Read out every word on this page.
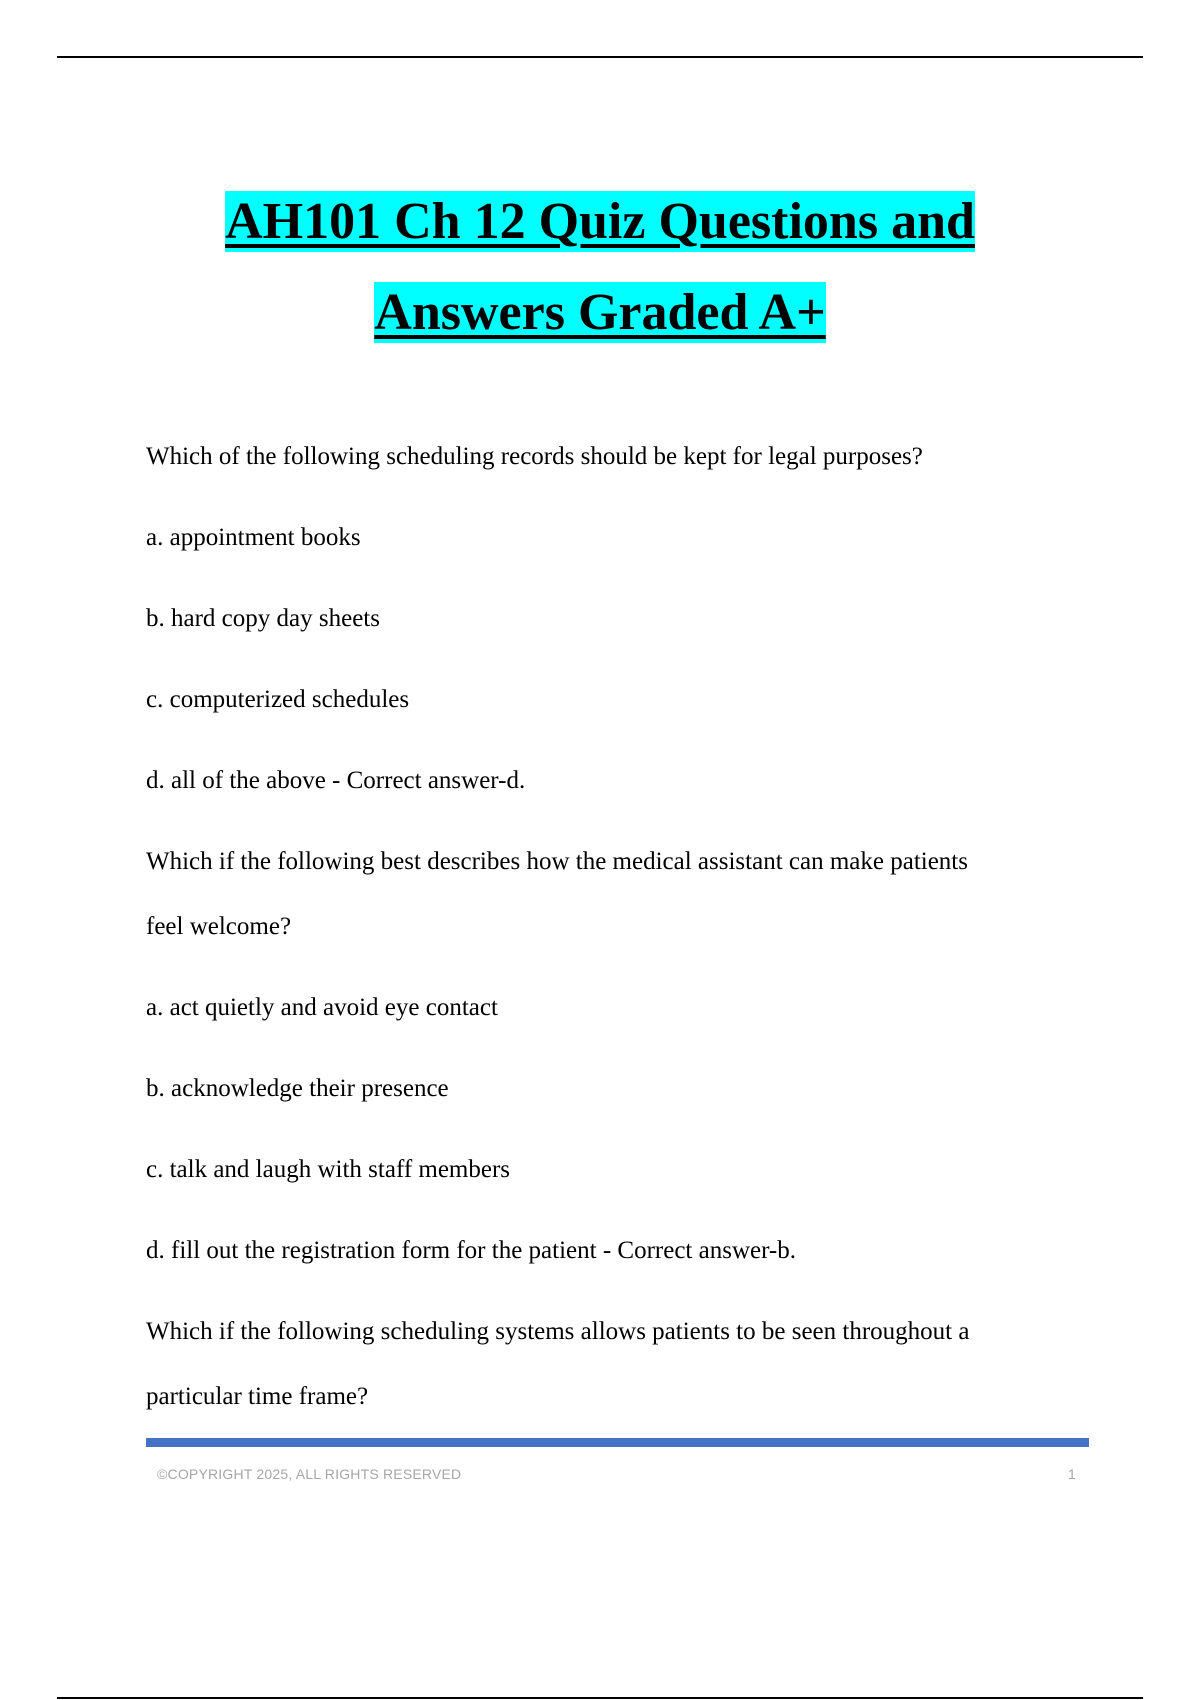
AH101 Ch 12 Quiz Questions and
Answers Graded A+

Which of the following scheduling records should be kept for legal purposes?

a. appointment books

b. hard copy day sheets

c. computerized schedules

d. all of the above - Correct answer-d.

Which if the following best describes how the medical assistant can make patients

feel welcome?

a. act quietly and avoid eye contact

b. acknowledge their presence

c. talk and laugh with staff members

d. fill out the registration form for the patient - Correct answer-b.

Which if the following scheduling systems allows patients to be seen throughout a

particular time frame?

©COPYRIGHT 2025, ALL RIGHTS RESERVED	1
